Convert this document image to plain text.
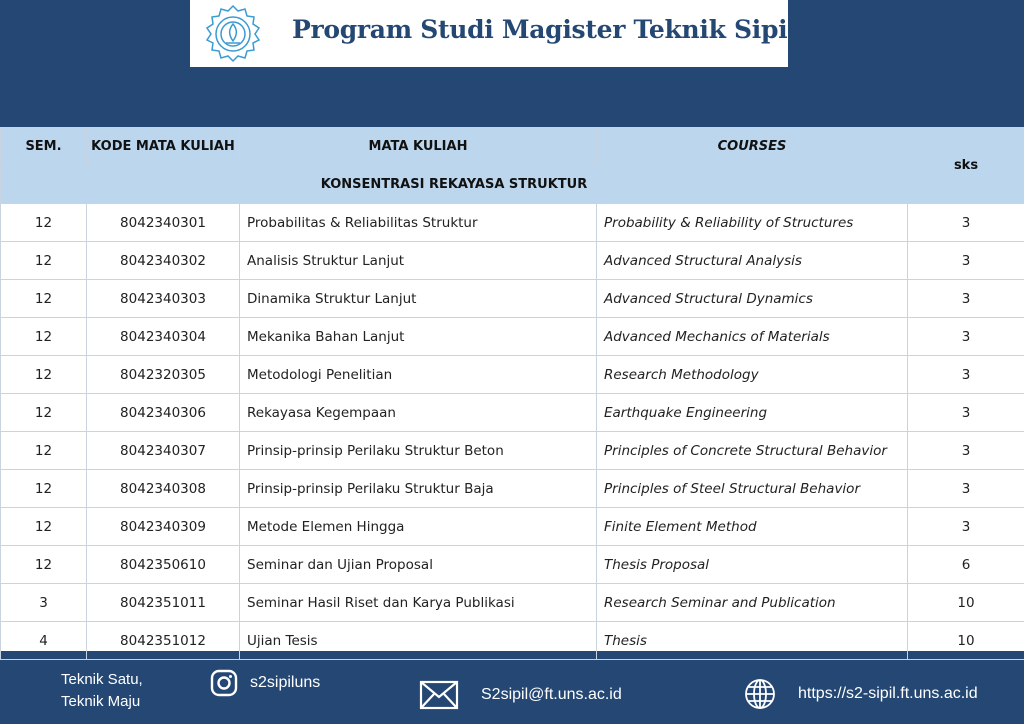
Program Studi Magister Teknik Sipil
SEM.	KODE MATA KULIAH	MATA KULIAH	COURSES	sks
KONSENTRASI REKAYASA STRUKTUR				
12	8042340301	Probabilitas & Reliabilitas Struktur	Probability & Reliability of Structures	3
12	8042340302	Analisis Struktur Lanjut	Advanced Structural Analysis	3
12	8042340303	Dinamika Struktur Lanjut	Advanced Structural Dynamics	3
12	8042340304	Mekanika Bahan Lanjut	Advanced Mechanics of Materials	3
12	8042320305	Metodologi Penelitian	Research Methodology	3
12	8042340306	Rekayasa Kegempaan	Earthquake Engineering	3
12	8042340307	Prinsip-prinsip Perilaku Struktur Beton	Principles of Concrete Structural Behavior	3
12	8042340308	Prinsip-prinsip Perilaku Struktur Baja	Principles of Steel Structural Behavior	3
12	8042340309	Metode Elemen Hingga	Finite Element Method	3
12	8042350610	Seminar dan Ujian Proposal	Thesis Proposal	6
3	8042351011	Seminar Hasil Riset dan Karya Publikasi	Research Seminar and Publication	10
4	8042351012	Ujian Tesis	Thesis	10
Teknik Satu,
Teknik Maju
s2sipiluns
S2sipil@ft.uns.ac.id	https://s2-sipil.ft.uns.ac.id
